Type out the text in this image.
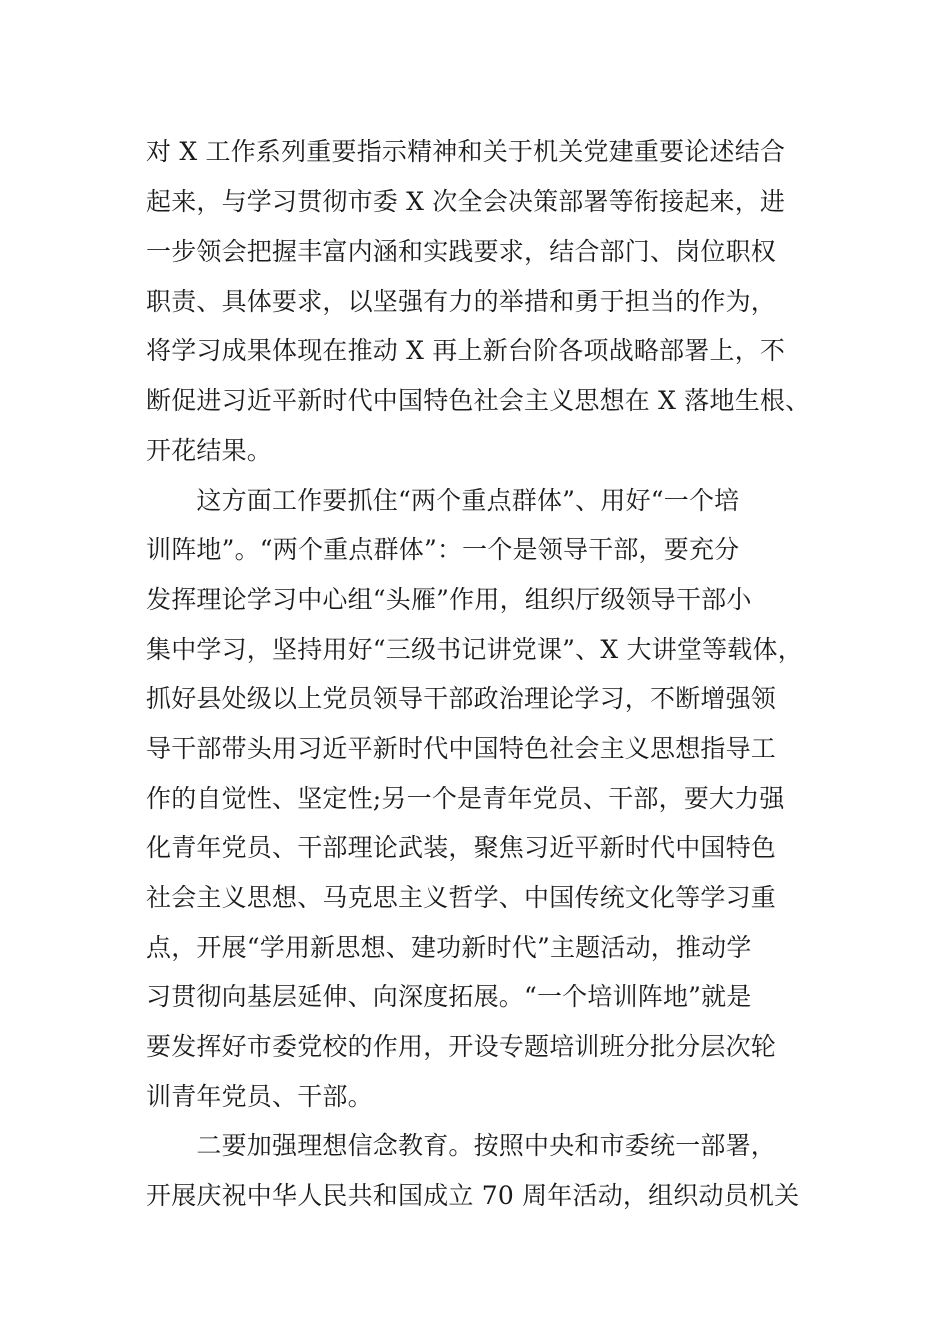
对 X 工作系列重要指示精神和关于机关党建重要论述结合
起来，与学习贯彻市委 X 次全会决策部署等衔接起来，进
一步领会把握丰富内涵和实践要求，结合部门、岗位职权
职责、具体要求，以坚强有力的举措和勇于担当的作为，
将学习成果体现在推动 X 再上新台阶各项战略部署上，不
断促进习近平新时代中国特色社会主义思想在 X 落地生根、
开花结果。
　　这方面工作要抓住“两个重点群体”、用好“一个培
训阵地”。“两个重点群体”：一个是领导干部，要充分
发挥理论学习中心组“头雁”作用，组织厅级领导干部小
集中学习，坚持用好“三级书记讲党课”、X 大讲堂等载体，
抓好县处级以上党员领导干部政治理论学习，不断增强领
导干部带头用习近平新时代中国特色社会主义思想指导工
作的自觉性、坚定性;另一个是青年党员、干部，要大力强
化青年党员、干部理论武装，聚焦习近平新时代中国特色
社会主义思想、马克思主义哲学、中国传统文化等学习重
点，开展“学用新思想、建功新时代”主题活动，推动学
习贯彻向基层延伸、向深度拓展。“一个培训阵地”就是
要发挥好市委党校的作用，开设专题培训班分批分层次轮
训青年党员、干部。
　　二要加强理想信念教育。按照中央和市委统一部署，
开展庆祝中华人民共和国成立 70 周年活动，组织动员机关
